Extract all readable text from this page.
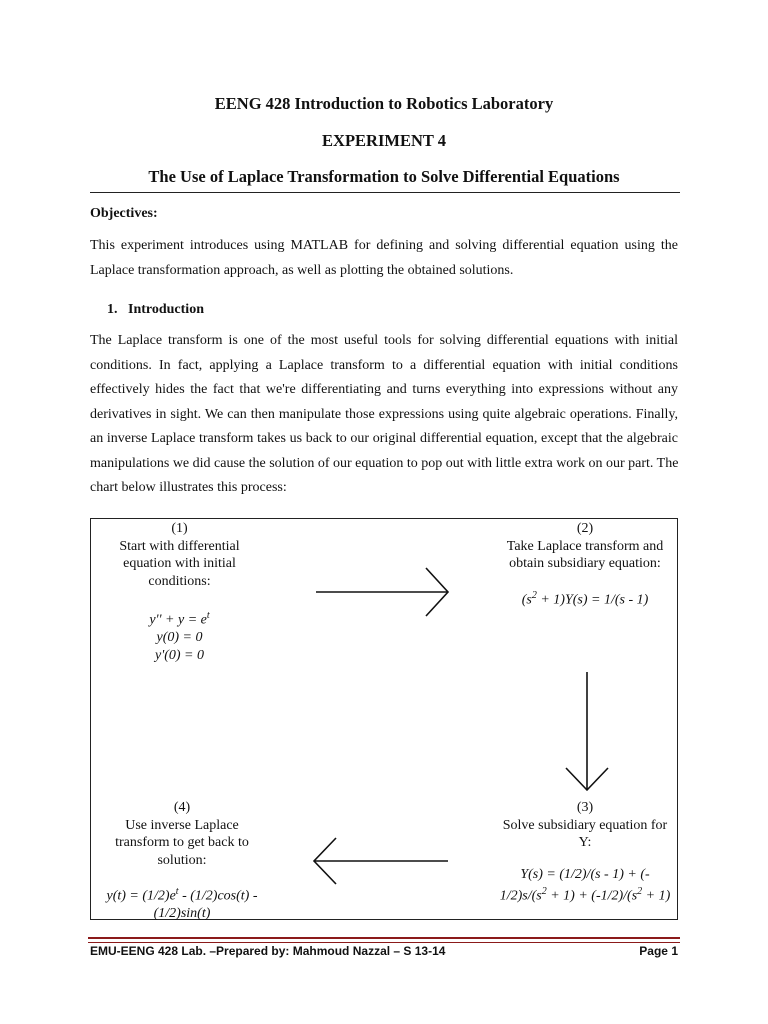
EENG 428 Introduction to Robotics Laboratory
EXPERIMENT 4
The Use of Laplace Transformation to Solve Differential Equations
Objectives:
This experiment introduces using MATLAB for defining and solving differential equation using the
Laplace transformation approach, as well as plotting the obtained solutions.
1.   Introduction
The Laplace transform is one of the most useful tools for solving differential equations with initial
conditions. In fact, applying a Laplace transform to a differential equation with initial conditions
effectively hides the fact that we're differentiating and turns everything into expressions without any
derivatives in sight. We can then manipulate those expressions using quite algebraic operations. Finally,
an inverse Laplace transform takes us back to our original differential equation, except that the algebraic
manipulations we did cause the solution of our equation to pop out with little extra work on our part. The
chart below illustrates this process:
(1)
Start with differential
equation with initial
conditions:
$y'' + y = e^t$
y(0) = 0
y'(0) = 0
(2)
Take Laplace transform and
obtain subsidiary equation:
$(s^2 + 1)Y(s) = 1/(s - 1)$
(3)
Solve subsidiary equation for
Y:
Y(s) = (1/2)/(s - 1) + (-
$1/2)s/(s^2 + 1) + (-1/2)/(s^2 + 1)$
(4)
Use inverse Laplace
transform to get back to
solution:
$y(t) = (1/2)e^t - (1/2)\cos(t)$ -
(1/2)sin(t)
EMU-EENG 428 Lab. –Prepared by: Mahmoud Nazzal – S 13-14	Page 1
